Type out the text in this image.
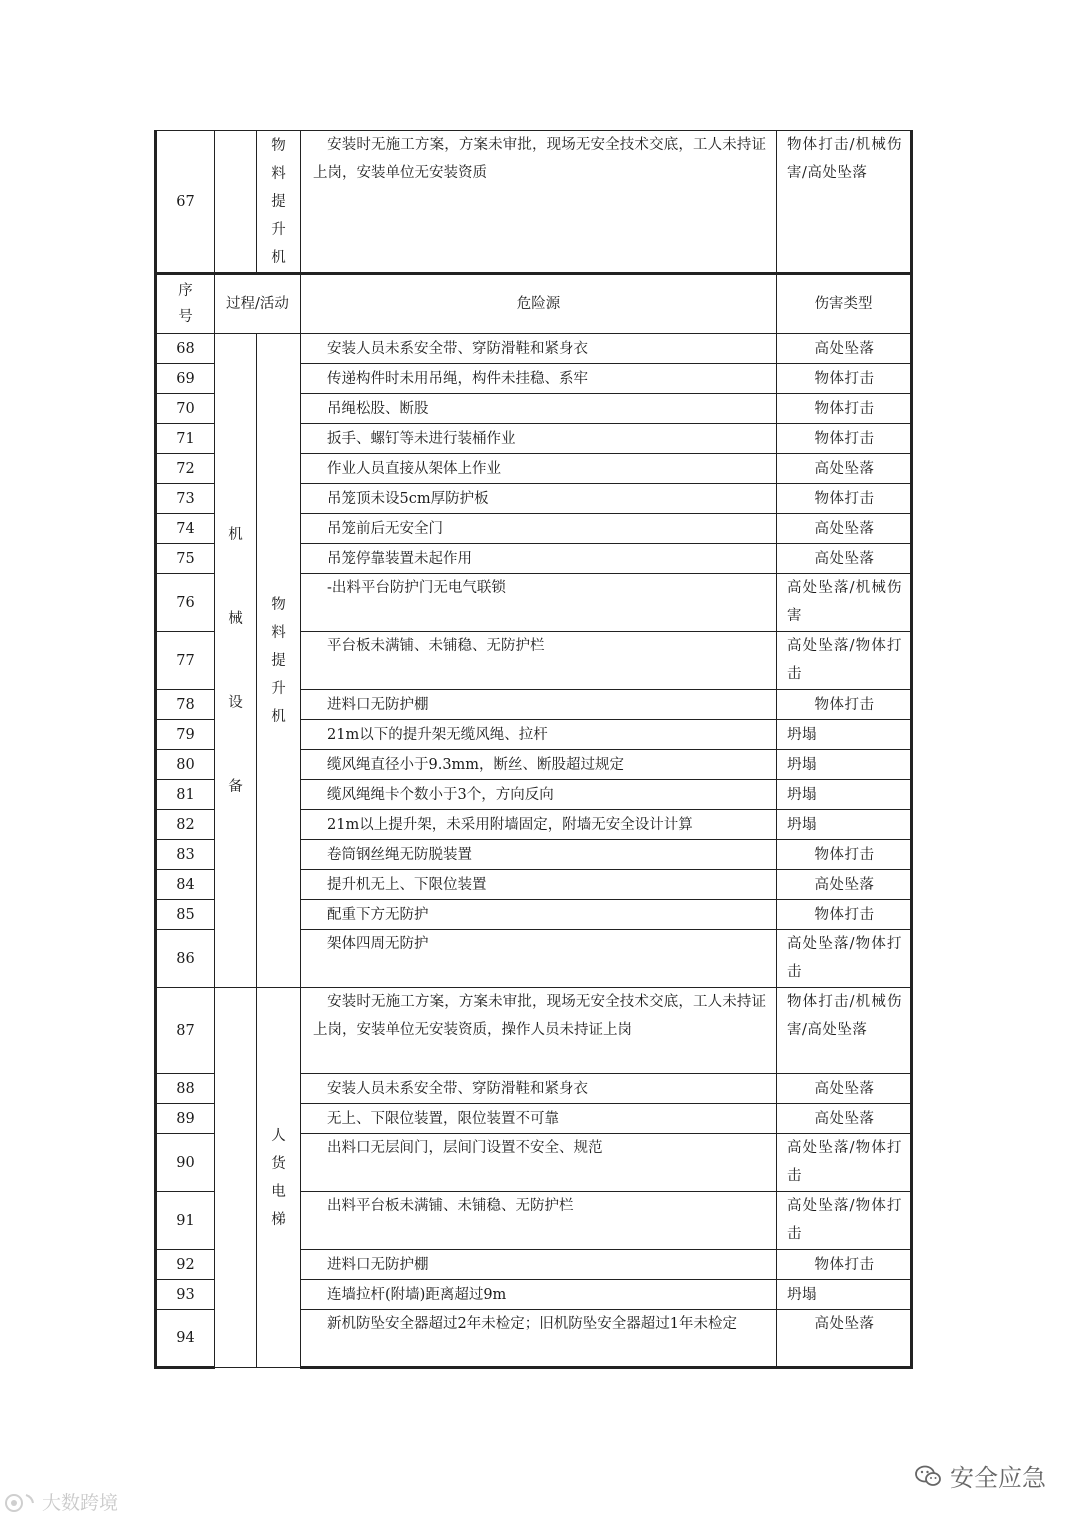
67		物料提升机	安装时无施工方案，方案未审批，现场无安全技术交底，工人未持证上岗，安装单位无安装资质	物体打击/机械伤害/高处坠落
序号	过程/活动		危险源	伤害类型
68	机械设备	物料提升机	安装人员未系安全带、穿防滑鞋和紧身衣	高处坠落

69			传递构件时未用吊绳，构件未挂稳、系牢	物体打击

70			吊绳松股、断股	物体打击

71			扳手、螺钉等未进行装桶作业	物体打击

72			作业人员直接从架体上作业	高处坠落

73			吊笼顶未设5cm厚防护板	物体打击

74			吊笼前后无安全门	高处坠落

75			吊笼停靠装置未起作用	高处坠落

76			-出料平台防护门无电气联锁	高处坠落/机械伤害
77			平台板未满铺、未铺稳、无防护栏	高处坠落/物体打击
78			进料口无防护棚	物体打击

79			21m以下的提升架无缆风绳、拉杆	坍塌
80			缆风绳直径小于9.3mm，断丝、断股超过规定	坍塌
81			缆风绳绳卡个数小于3个，方向反向	坍塌
82			21m以上提升架，未采用附墙固定，附墙无安全设计计算	坍塌
83			卷筒钢丝绳无防脱装置	物体打击

84			提升机无上、下限位装置	高处坠落

85			配重下方无防护	物体打击

86			架体四周无防护	高处坠落/物体打击
87		人货电梯	安装时无施工方案，方案未审批，现场无安全技术交底，工人未持证上岗，安装单位无安装资质，操作人员未持证上岗	物体打击/机械伤害/高处坠落
88			安装人员未系安全带、穿防滑鞋和紧身衣	高处坠落

89			无上、下限位装置，限位装置不可靠	高处坠落

90			出料口无层间门，层间门设置不安全、规范	高处坠落/物体打击
91			出料平台板未满铺、未铺稳、无防护栏	高处坠落/物体打击
92			进料口无防护棚	物体打击

93			连墙拉杆(附墙)距离超过9m	坍塌
94			新机防坠安全器超过2年未检定；旧机防坠安全器超过1年未检定	高处坠落
大数跨境
安全应急
